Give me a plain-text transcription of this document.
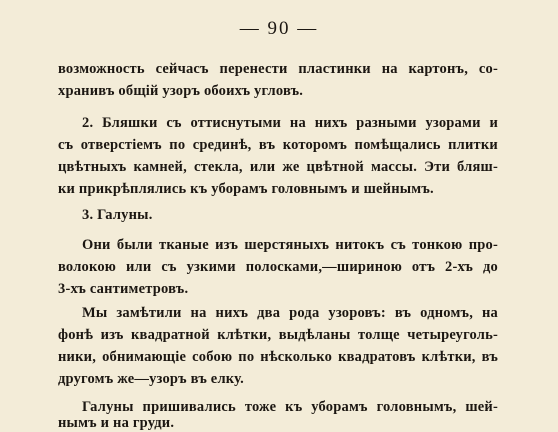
— 90 —
возможность сейчасъ перенести пластинки на картонъ, со-
хранивъ общій узоръ обоихъ угловъ.
2. Бляшки съ оттиснутыми на нихъ разными узорами и
съ отверстіемъ по срединѣ, въ которомъ помѣщались плитки
цвѣтныхъ камней, стекла, или же цвѣтной массы. Эти бляш-
ки прикрѣплялись къ уборамъ головнымъ и шейнымъ.
3. Галуны.
Они были тканые изъ шерстяныхъ нитокъ съ тонкою про-
волокою или съ узкими полосками,—шириною отъ 2-хъ до
3-хъ сантиметровъ.
Мы замѣтили на нихъ два рода узоровъ: въ одномъ, на
фонѣ изъ квадратной клѣтки, выдѣланы толще четыреуголь-
ники, обнимающіе собою по нѣсколько квадратовъ клѣтки, въ
другомъ же—узоръ въ елку.
Галуны пришивались тоже къ уборамъ головнымъ, шей-
нымъ и на груди.
